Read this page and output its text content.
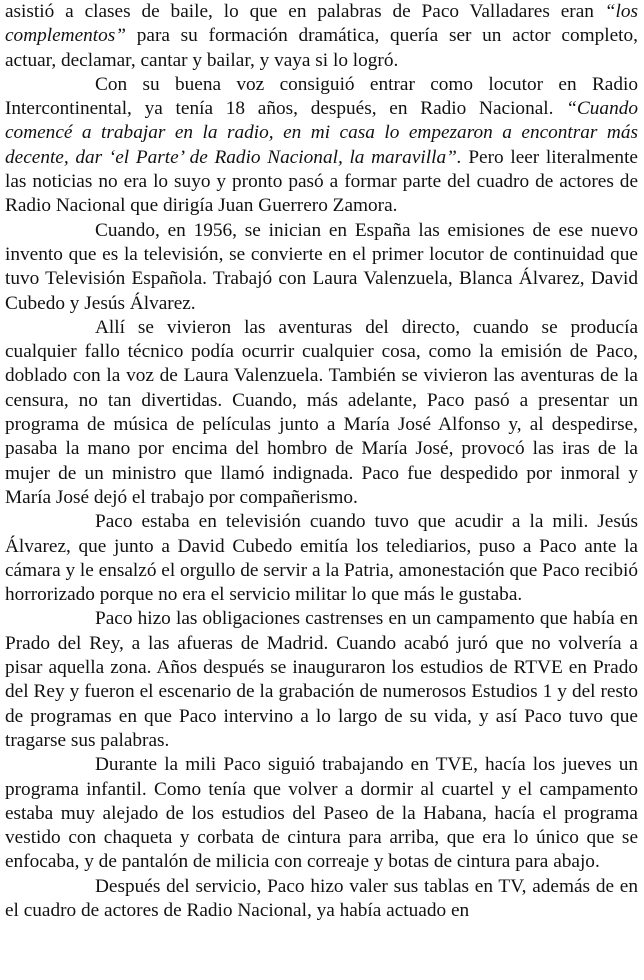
asistió a clases de baile, lo que en palabras de Paco Valladares eran “los complementos” para su formación dramática, quería ser un actor completo, actuar, declamar, cantar y bailar, y vaya si lo logró.

Con su buena voz consiguió entrar como locutor en Radio Intercontinental, ya tenía 18 años, después, en Radio Nacional. “Cuando comencé a trabajar en la radio, en mi casa lo empezaron a encontrar más decente, dar ‘el Parte’ de Radio Nacional, la maravilla”. Pero leer literalmente las noticias no era lo suyo y pronto pasó a formar parte del cuadro de actores de Radio Nacional que dirigía Juan Guerrero Zamora.

Cuando, en 1956, se inician en España las emisiones de ese nuevo invento que es la televisión, se convierte en el primer locutor de continuidad que tuvo Televisión Española. Trabajó con Laura Valenzuela, Blanca Álvarez, David Cubedo y Jesús Álvarez.

Allí se vivieron las aventuras del directo, cuando se producía cualquier fallo técnico podía ocurrir cualquier cosa, como la emisión de Paco, doblado con la voz de Laura Valenzuela. También se vivieron las aventuras de la censura, no tan divertidas. Cuando, más adelante, Paco pasó a presentar un programa de música de películas junto a María José Alfonso y, al despedirse, pasaba la mano por encima del hombro de María José, provocó las iras de la mujer de un ministro que llamó indignada. Paco fue despedido por inmoral y María José dejó el trabajo por compañerismo.

Paco estaba en televisión cuando tuvo que acudir a la mili. Jesús Álvarez, que junto a David Cubedo emitía los telediarios, puso a Paco ante la cámara y le ensalzó el orgullo de servir a la Patria, amonestación que Paco recibió horrorizado porque no era el servicio militar lo que más le gustaba.

Paco hizo las obligaciones castrenses en un campamento que había en Prado del Rey, a las afueras de Madrid. Cuando acabó juró que no volvería a pisar aquella zona. Años después se inauguraron los estudios de RTVE en Prado del Rey y fueron el escenario de la grabación de numerosos Estudios 1 y del resto de programas en que Paco intervino a lo largo de su vida, y así Paco tuvo que tragarse sus palabras.

Durante la mili Paco siguió trabajando en TVE, hacía los jueves un programa infantil. Como tenía que volver a dormir al cuartel y el campamento estaba muy alejado de los estudios del Paseo de la Habana, hacía el programa vestido con chaqueta y corbata de cintura para arriba, que era lo único que se enfocaba, y de pantalón de milicia con correaje y botas de cintura para abajo.

Después del servicio, Paco hizo valer sus tablas en TV, además de en el cuadro de actores de Radio Nacional, ya había actuado en
